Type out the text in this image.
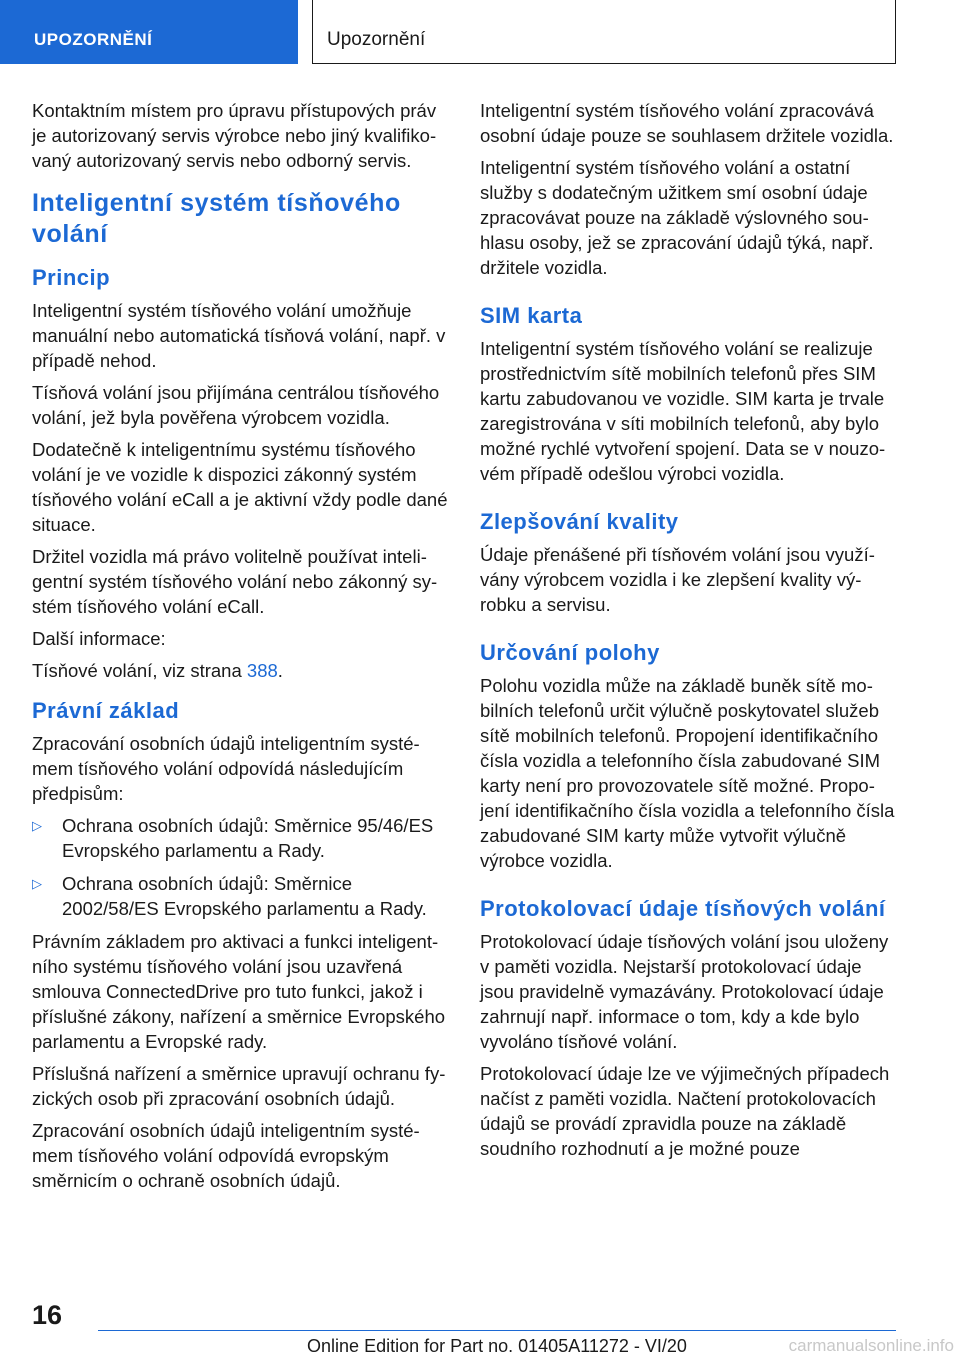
UPOZORNĚNÍ	Upozornění

Kontaktním místem pro úpravu přístupových práv je autorizovaný servis výrobce nebo jiný kvalifikovaný autorizovaný servis nebo odborný servis.

Inteligentní systém tísňového volání
Princip

Inteligentní systém tísňového volání umožňuje manuální nebo automatická tísňová volání, např. v případě nehod.

Tísňová volání jsou přijímána centrálou tísňového volání, jež byla pověřena výrobcem vozidla.

Dodatečně k inteligentnímu systému tísňového volání je ve vozidle k dispozici zákonný systém tísňového volání eCall a je aktivní vždy podle dané situace.

Držitel vozidla má právo volitelně používat inteligentní systém tísňového volání nebo zákonný systém tísňového volání eCall.

Další informace:

Tísňové volání, viz strana 388.

Právní základ

Zpracování osobních údajů inteligentním systémem tísňového volání odpovídá následujícím předpisům:

▷ Ochrana osobních údajů: Směrnice 95/46/ES Evropského parlamentu a Rady.
▷ Ochrana osobních údajů: Směrnice 2002/58/ES Evropského parlamentu a Rady.

Právním základem pro aktivaci a funkci inteligentního systému tísňového volání jsou uzavřená smlouva ConnectedDrive pro tuto funkci, jakož i příslušné zákony, nařízení a směrnice Evropského parlamentu a Evropské rady.

Příslušná nařízení a směrnice upravují ochranu fyzických osob při zpracování osobních údajů.

Zpracování osobních údajů inteligentním systémem tísňového volání odpovídá evropským směrnicím o ochraně osobních údajů.

Inteligentní systém tísňového volání zpracovává osobní údaje pouze se souhlasem držitele vozidla.

Inteligentní systém tísňového volání a ostatní služby s dodatečným užitkem smí osobní údaje zpracovávat pouze na základě výslovného souhlasu osoby, jež se zpracování údajů týká, např. držitele vozidla.

SIM karta

Inteligentní systém tísňového volání se realizuje prostřednictvím sítě mobilních telefonů přes SIM kartu zabudovanou ve vozidle. SIM karta je trvale zaregistrována v síti mobilních telefonů, aby bylo možné rychlé vytvoření spojení. Data se v nouzovém případě odešlou výrobci vozidla.

Zlepšování kvality

Údaje přenášené při tísňovém volání jsou využívány výrobcem vozidla i ke zlepšení kvality výrobku a servisu.

Určování polohy

Polohu vozidla může na základě buněk sítě mobilních telefonů určit výlučně poskytovatel služeb sítě mobilních telefonů. Propojení identifikačního čísla vozidla a telefonního čísla zabudované SIM karty není pro provozovatele sítě možné. Propojení identifikačního čísla vozidla a telefonního čísla zabudované SIM karty může vytvořit výlučně výrobce vozidla.

Protokolovací údaje tísňových volání

Protokolovací údaje tísňových volání jsou uloženy v paměti vozidla. Nejstarší protokolovací údaje jsou pravidelně vymazávány. Protokolovací údaje zahrnují např. informace o tom, kdy a kde bylo vyvoláno tísňové volání.

Protokolovací údaje lze ve výjimečných případech načíst z paměti vozidla. Načtení protokolovacích údajů se provádí zpravidla pouze na základě soudního rozhodnutí a je možné pouze

16
Online Edition for Part no. 01405A11272 - VI/20	carmanualsonline.info
